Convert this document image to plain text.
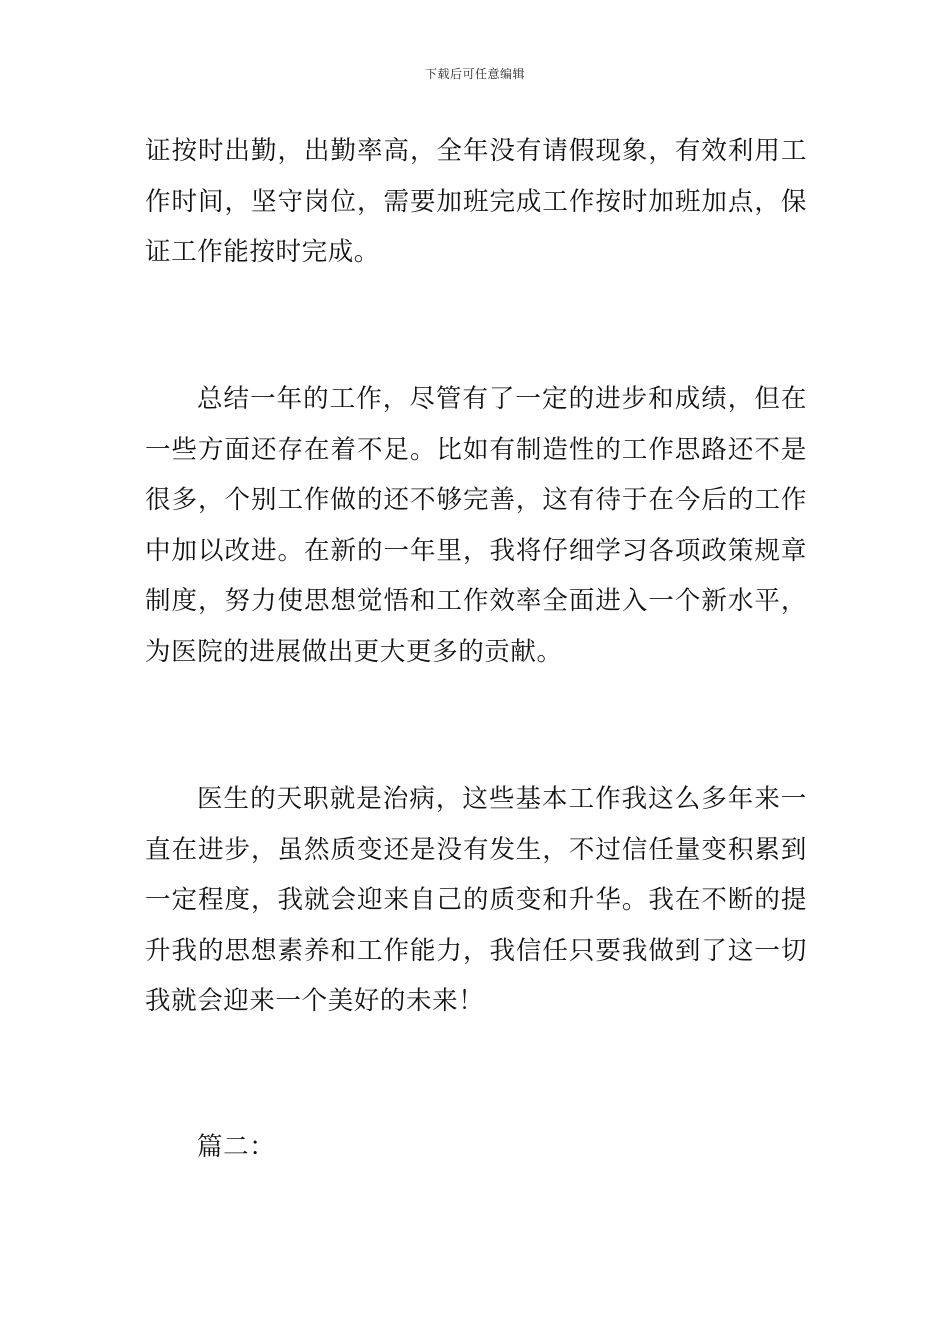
下载后可任意编辑

证按时出勤，出勤率高，全年没有请假现象，有效利用工作时间，坚守岗位，需要加班完成工作按时加班加点，保证工作能按时完成。

总结一年的工作，尽管有了一定的进步和成绩，但在一些方面还存在着不足。比如有制造性的工作思路还不是很多，个别工作做的还不够完善，这有待于在今后的工作中加以改进。在新的一年里，我将仔细学习各项政策规章制度，努力使思想觉悟和工作效率全面进入一个新水平，为医院的进展做出更大更多的贡献。

医生的天职就是治病，这些基本工作我这么多年来一直在进步，虽然质变还是没有发生，不过信任量变积累到一定程度，我就会迎来自己的质变和升华。我在不断的提升我的思想素养和工作能力，我信任只要我做到了这一切我就会迎来一个美好的未来！

篇二：
